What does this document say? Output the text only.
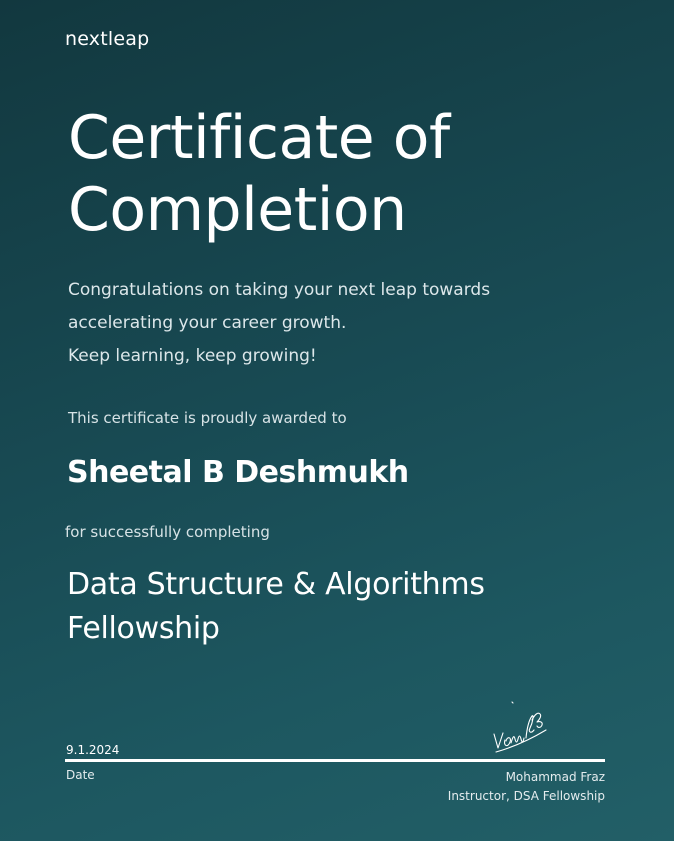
nextleap
Certificate of
Completion
Congratulations on taking your next leap towards
accelerating your career growth.
Keep learning, keep growing!
This certificate is proudly awarded to
Sheetal B Deshmukh
for successfully completing
Data Structure & Algorithms
Fellowship
9.1.2024
Date	Mohammad Fraz
Instructor, DSA Fellowship
